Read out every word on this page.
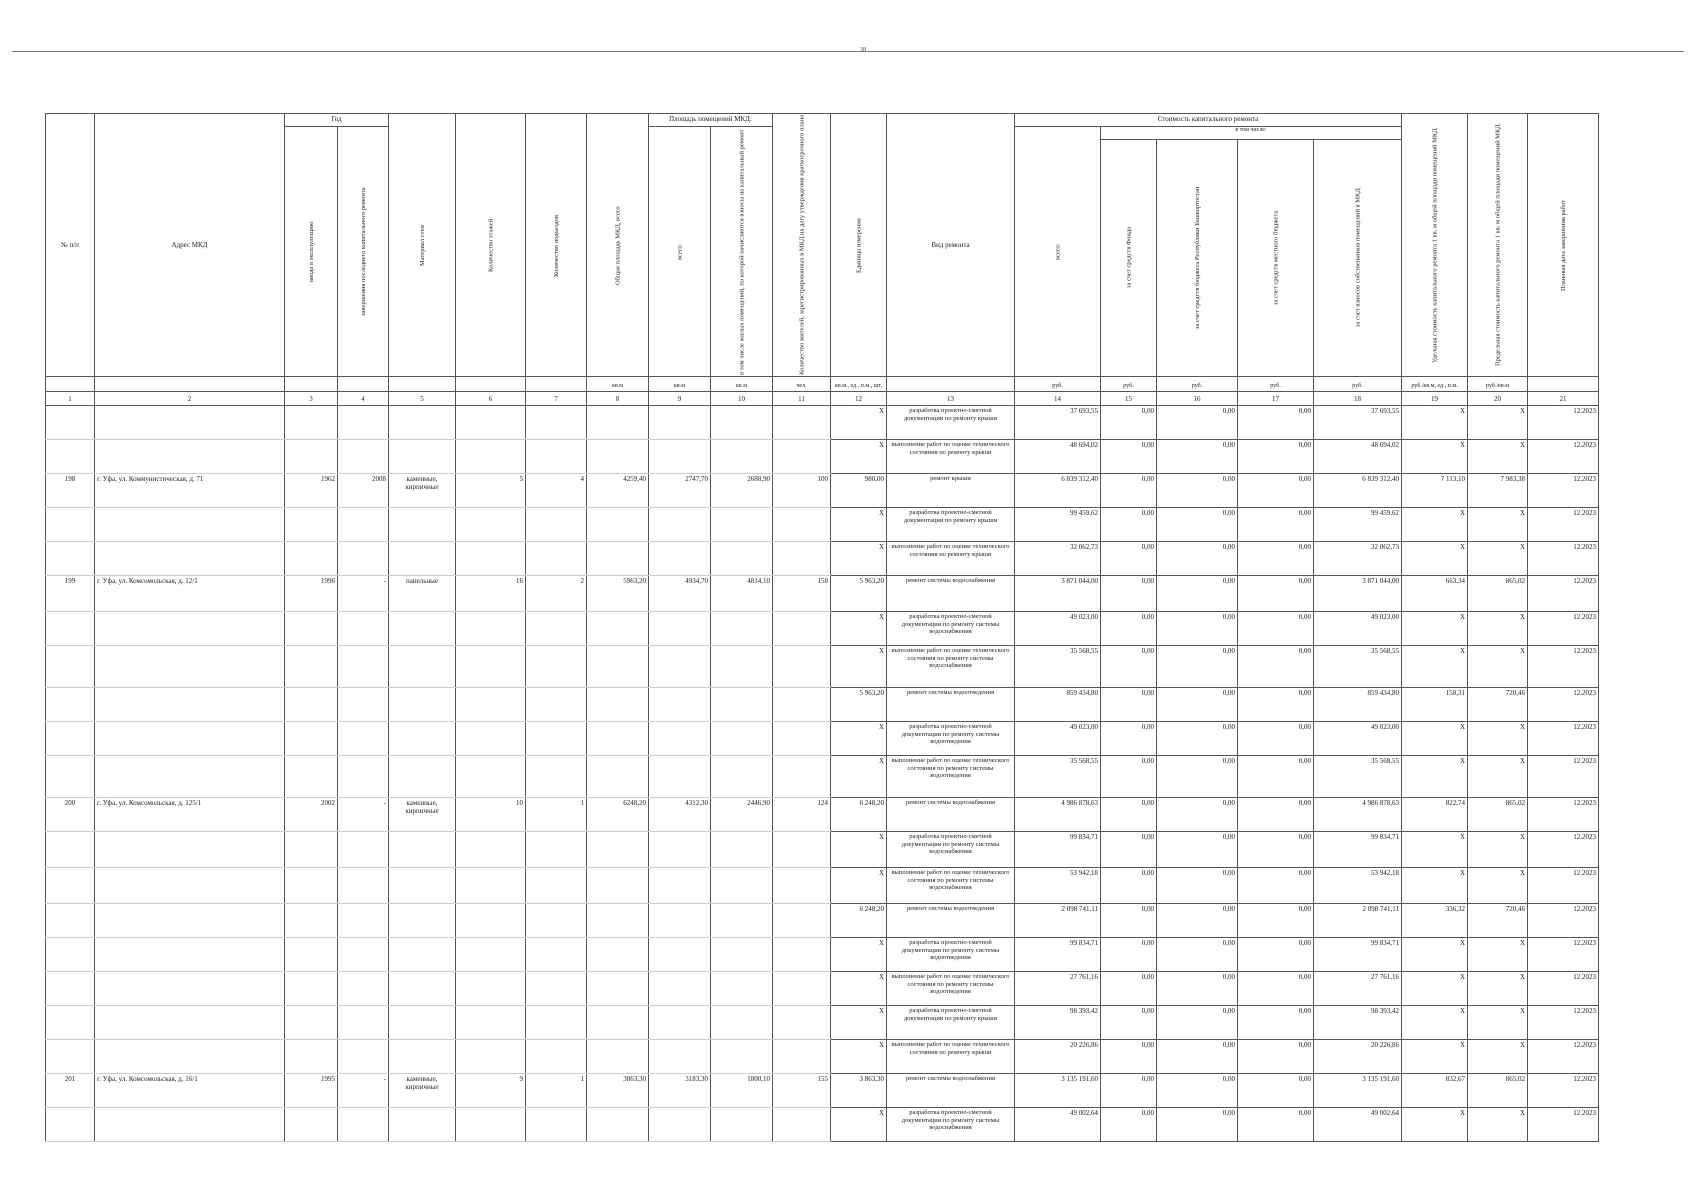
38
№ п/п	Адрес МКД	Год		Материал стен	Количество этажей	Количество подъездов	Общая площадь МКД, всего	Площадь помещений МКД:		Количество жителей, зарегистрированных в МКД на дату утверждения краткосрочного плана	Единица измерения	Вид ремонта	Стоимость капитального ремонта					Удельная стоимость капитального ремонта 1 кв. м общей площади помещений МКД	Предельная стоимость капитального ремонта 1 кв. м общей площади помещений МКД	Плановая дата завершения работ
		ввода в эксплуатацию	завершения последнего капитального ремонта					всего:	в том числе жилых помещений, по которой начисляются взносы на капитальный ремонт				всего:	в том числе:						
														за счет средств Фонда	за счет средств бюджета Республики Башкортостан	за счет средств местного бюджета	за счет взносов собственников помещений в МКД			
							кв.м	кв.м	кв.м	чел.	кв.м., ед., п.м., шт.		руб.	руб.	руб.	руб.	руб.	руб./кв.м, ед., п.м.	руб./кв.м	
1	2	3	4	5	6	7	8	9	10	11	12	13	14	15	16	17	18	19	20	21
											X	разработка проектно-сметной документации по ремонту крыши	37 693,55	0,00	0,00	0,00	37 693,55	X	X	12.2023
											X	выполнение работ по оценке технического состояния по ремонту крыши	48 694,02	0,00	0,00	0,00	48 694,02	X	X	12.2023
198	г. Уфа, ул. Коммунистическая, д. 71	1962	2008	каменные, кирпичные	5	4	4259,40	2747,70	2688,90	100	980,00	ремонт крыши	6 839 312,40	0,00	0,00	0,00	6 839 312,40	7 113,10	7 983,38	12.2023
											X	разработка проектно-сметной документации по ремонту крыши	99 459,62	0,00	0,00	0,00	99 459,62	X	X	12.2023
											X	выполнение работ по оценке технического состояния по ремонту крыши	32 062,73	0,00	0,00	0,00	32 062,73	X	X	12.2023
199	г. Уфа, ул. Комсомольская, д. 12/1	1996	-	панельные	16	2	5963,20	4934,70	4814,10	158	5 963,20	ремонт системы водоснабжения	3 871 044,00	0,00	0,00	0,00	3 871 044,00	663,34	865,02	12.2023
											X	разработка проектно-сметной документации по ремонту системы водоснабжения	49 023,00	0,00	0,00	0,00	49 023,00	X	X	12.2023
											X	выполнение работ по оценке технического состояния по ремонту системы водоснабжения	35 568,55	0,00	0,00	0,00	35 568,55	X	X	12.2023
											5 963,20	ремонт системы водоотведения	859 434,80	0,00	0,00	0,00	859 434,80	158,31	720,46	12.2023
											X	разработка проектно-сметной документации по ремонту системы водоотведения	49 023,00	0,00	0,00	0,00	49 023,00	X	X	12.2023
											X	выполнение работ по оценке технического состояния по ремонту системы водоотведения	35 568,55	0,00	0,00	0,00	35 568,55	X	X	12.2023
200	г. Уфа, ул. Комсомольская, д. 125/1	2002	-	каменные, кирпичные	10	1	6248,20	4312,30	2446,90	124	6 248,20	ремонт системы водоснабжения	4 986 878,63	0,00	0,00	0,00	4 986 878,63	822,74	865,02	12.2023
											X	разработка проектно-сметной документации по ремонту системы водоснабжения	99 834,71	0,00	0,00	0,00	99 834,71	X	X	12.2023
											X	выполнение работ по оценке технического состояния по ремонту системы водоснабжения	53 942,18	0,00	0,00	0,00	53 942,18	X	X	12.2023
											6 248,20	ремонт системы водоотведения	2 098 741,11	0,00	0,00	0,00	2 098 741,11	336,32	720,46	12.2023
											X	разработка проектно-сметной документации по ремонту системы водоотведения	99 834,71	0,00	0,00	0,00	99 834,71	X	X	12.2023
											X	выполнение работ по оценке технического состояния по ремонту системы водоотведения	27 761,16	0,00	0,00	0,00	27 761,16	X	X	12.2023
											X	разработка проектно-сметной документации по ремонту крыши	98 393,42	0,00	0,00	0,00	98 393,42	X	X	12.2023
											X	выполнение работ по оценке технического состояния по ремонту крыши	20 226,86	0,00	0,00	0,00	20 226,86	X	X	12.2023
201	г. Уфа, ул. Комсомольская, д. 16/1	1995	-	каменные, кирпичные	9	1	3863,30	3183,30	1800,10	155	3 863,30	ремонт системы водоснабжения	3 135 191,60	0,00	0,00	0,00	3 135 191,60	832,67	865,02	12.2023
											X	разработка проектно-сметной документации по ремонту системы водоснабжения	49 002,64	0,00	0,00	0,00	49 002,64	X	X	12.2023
